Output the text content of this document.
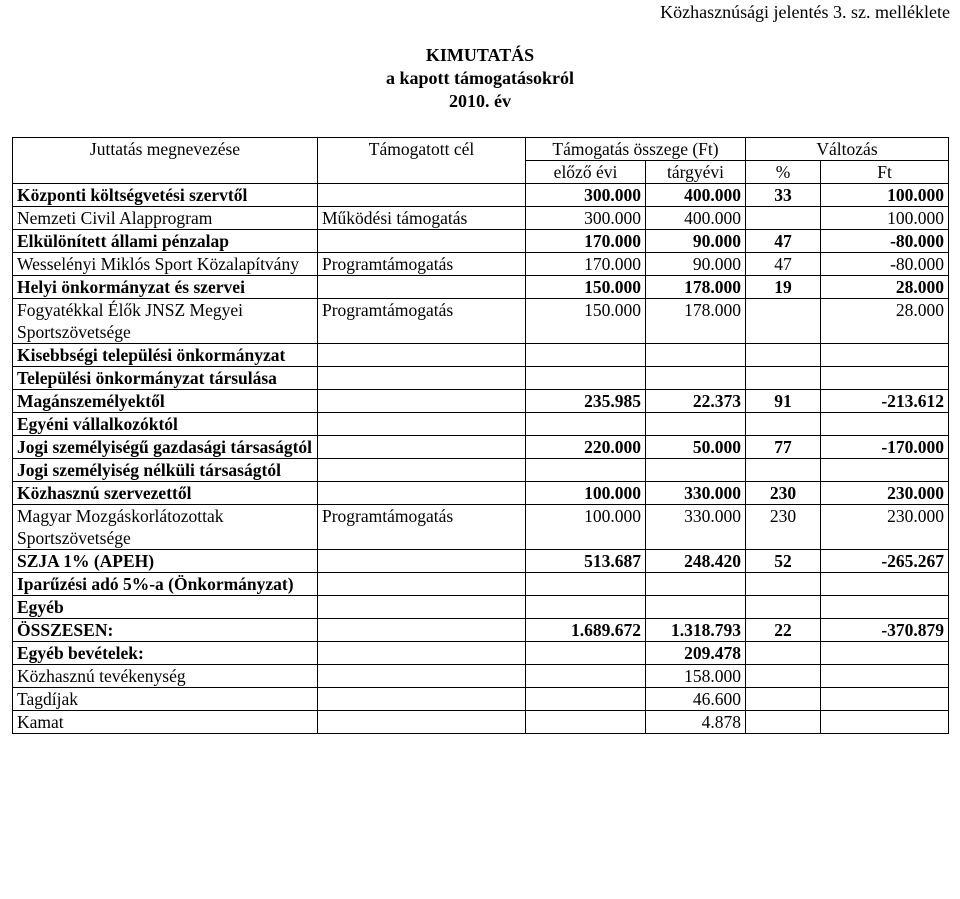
Közhasznúsági jelentés 3. sz. melléklete
KIMUTATÁS
a kapott támogatásokról
2010. év
Juttatás megnevezése	Támogatott cél	Támogatás összege (Ft)		Változás	
		előző évi	tárgyévi	%	Ft
Központi költségvetési szervtől		300.000	400.000	33	100.000
Nemzeti Civil Alapprogram	Működési támogatás	300.000	400.000		100.000
Elkülönített állami pénzalap		170.000	90.000	47	-80.000
Wesselényi Miklós Sport Közalapítvány	Programtámogatás	170.000	90.000	47	-80.000
Helyi önkormányzat és szervei		150.000	178.000	19	28.000
Fogyatékkal Élők JNSZ Megyei Sportszövetsége	Programtámogatás	150.000	178.000		28.000
Kisebbségi települési önkormányzat					
Települési önkormányzat társulása					
Magánszemélyektől		235.985	22.373	91	-213.612
Egyéni vállalkozóktól					
Jogi személyiségű gazdasági társaságtól		220.000	50.000	77	-170.000
Jogi személyiség nélküli társaságtól					
Közhasznú szervezettől		100.000	330.000	230	230.000
Magyar Mozgáskorlátozottak Sportszövetsége	Programtámogatás	100.000	330.000	230	230.000
SZJA 1% (APEH)		513.687	248.420	52	-265.267
Iparűzési adó 5%-a (Önkormányzat)					
Egyéb					
ÖSSZESEN:		1.689.672	1.318.793	22	-370.879
Egyéb bevételek:			209.478		
Közhasznú tevékenység			158.000		
Tagdíjak			46.600		
Kamat			4.878		
